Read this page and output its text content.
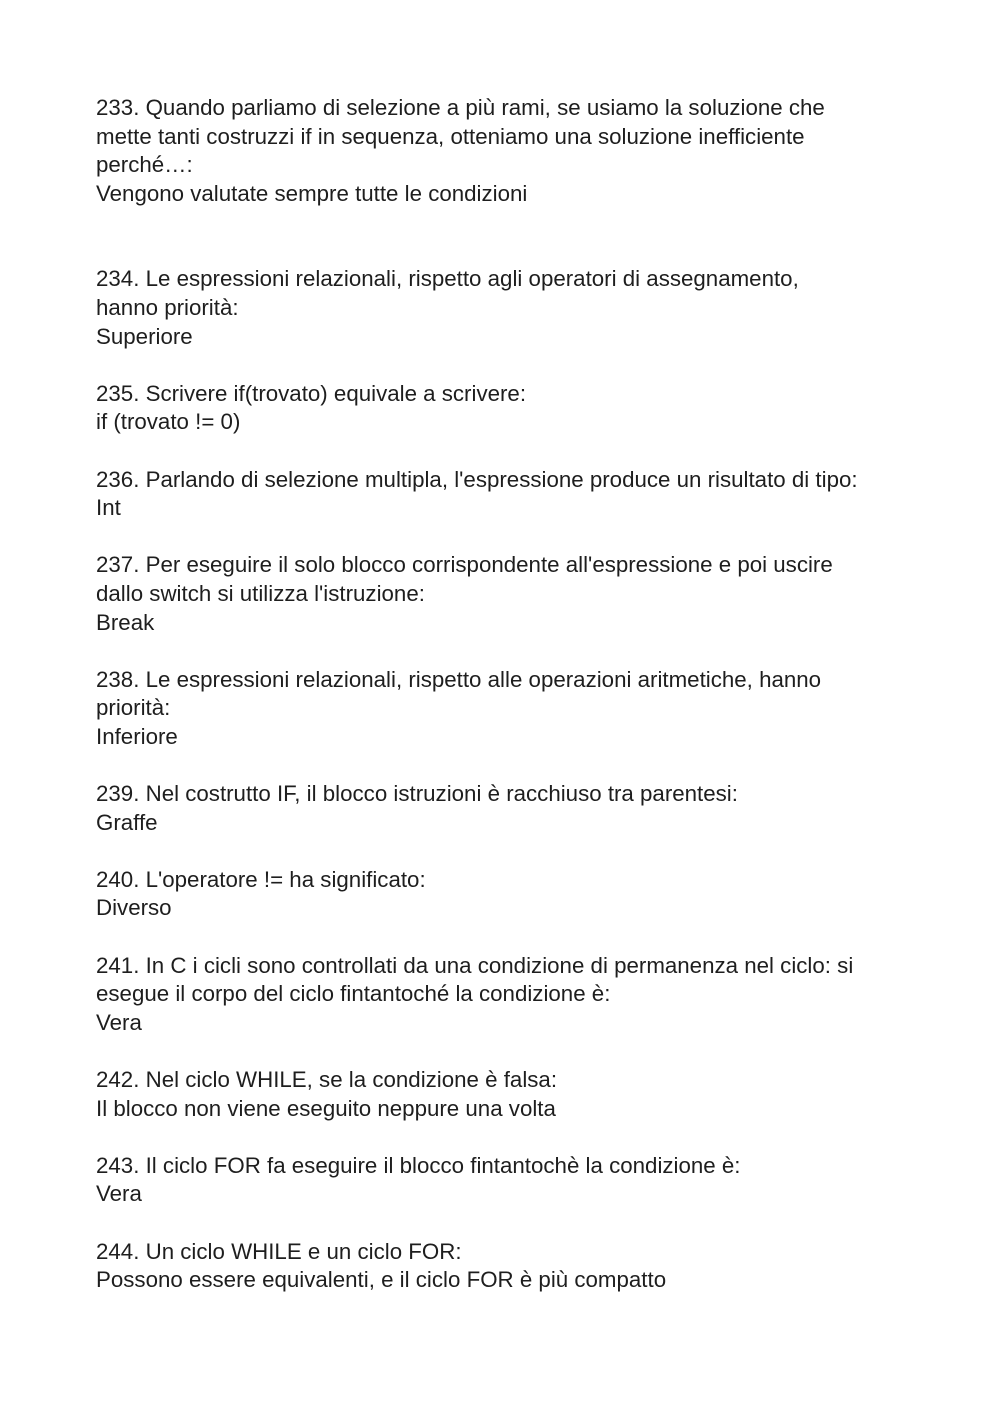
233. Quando parliamo di selezione a più rami, se usiamo la soluzione che

mette tanti costruzzi if in sequenza, otteniamo una soluzione inefficiente

perché…:

Vengono valutate sempre tutte le condizioni

234. Le espressioni relazionali, rispetto agli operatori di assegnamento,

hanno priorità:

Superiore

235. Scrivere if(trovato) equivale a scrivere:

if (trovato != 0)

236. Parlando di selezione multipla, l'espressione produce un risultato di tipo:

Int

237. Per eseguire il solo blocco corrispondente all'espressione e poi uscire

dallo switch si utilizza l'istruzione:

Break

238. Le espressioni relazionali, rispetto alle operazioni aritmetiche, hanno

priorità:

Inferiore

239. Nel costrutto IF, il blocco istruzioni è racchiuso tra parentesi:

Graffe

240. L'operatore != ha significato:

Diverso

241. In C i cicli sono controllati da una condizione di permanenza nel ciclo: si

esegue il corpo del ciclo fintantoché la condizione è:

Vera

242. Nel ciclo WHILE, se la condizione è falsa:

Il blocco non viene eseguito neppure una volta

243. Il ciclo FOR fa eseguire il blocco fintantochè la condizione è:

Vera

244. Un ciclo WHILE e un ciclo FOR:

Possono essere equivalenti, e il ciclo FOR è più compatto
